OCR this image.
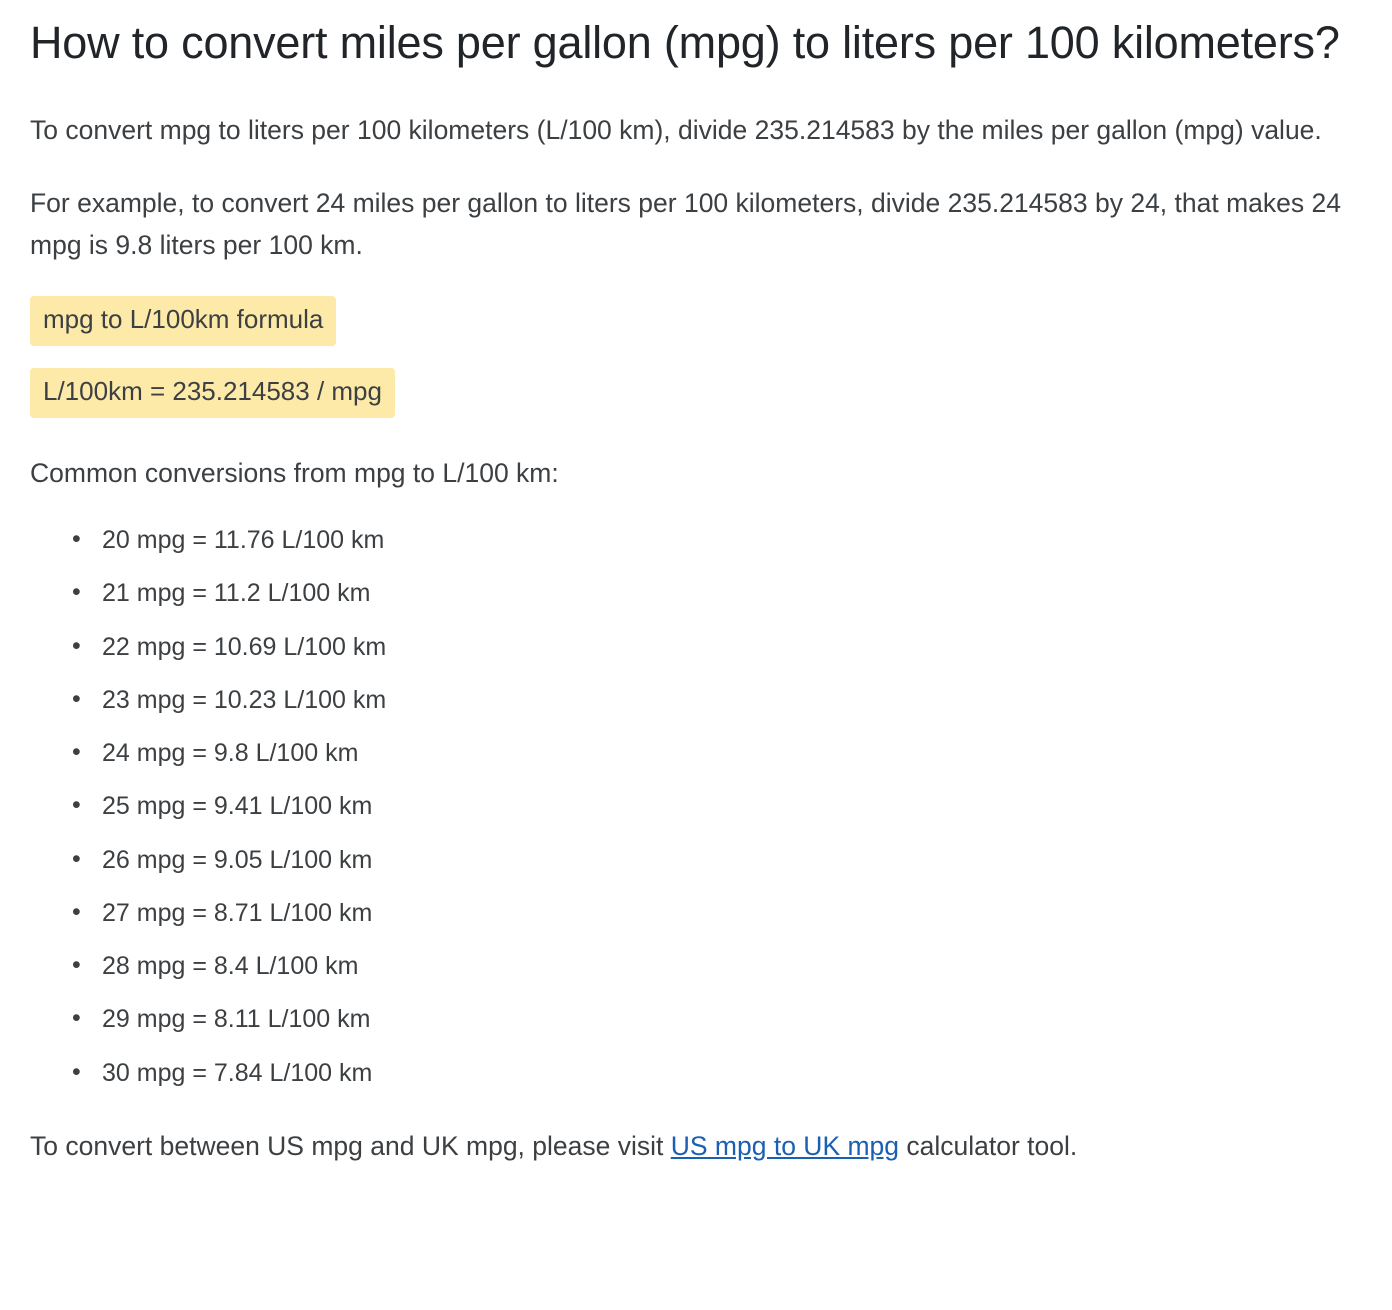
How to convert miles per gallon (mpg) to liters per 100 kilometers?

To convert mpg to liters per 100 kilometers (L/100 km), divide 235.214583 by the miles per gallon (mpg) value.

For example, to convert 24 miles per gallon to liters per 100 kilometers, divide 235.214583 by 24, that makes 24 mpg is 9.8 liters per 100 km.

mpg to L/100km formula
L/100km = 235.214583 / mpg

Common conversions from mpg to L/100 km:

• 20 mpg = 11.76 L/100 km
• 21 mpg = 11.2 L/100 km
• 22 mpg = 10.69 L/100 km
• 23 mpg = 10.23 L/100 km
• 24 mpg = 9.8 L/100 km
• 25 mpg = 9.41 L/100 km
• 26 mpg = 9.05 L/100 km
• 27 mpg = 8.71 L/100 km
• 28 mpg = 8.4 L/100 km
• 29 mpg = 8.11 L/100 km
• 30 mpg = 7.84 L/100 km

To convert between US mpg and UK mpg, please visit US mpg to UK mpg calculator tool.
